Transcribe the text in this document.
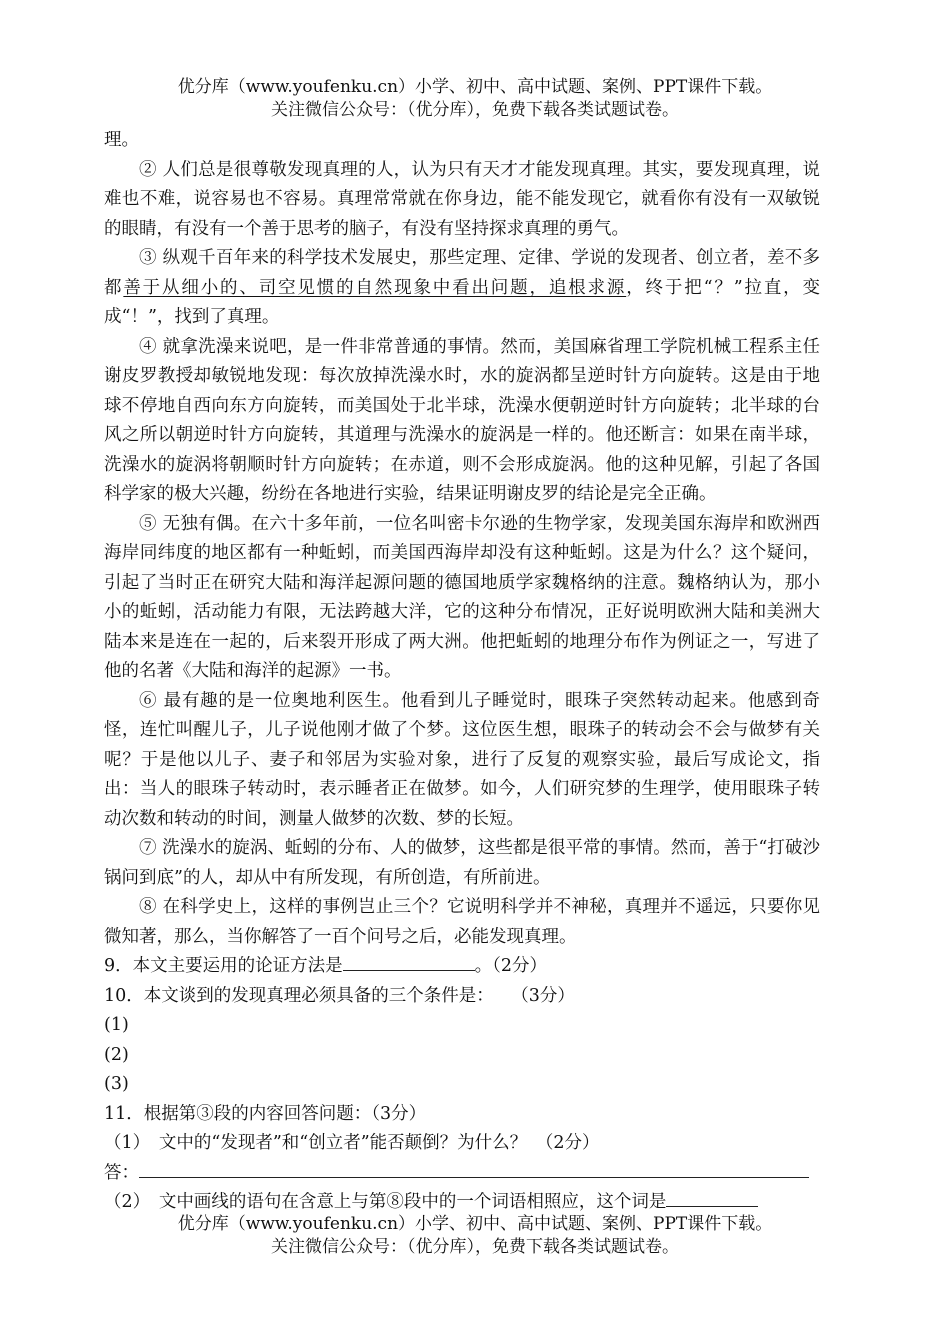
优分库（www.youfenku.cn）小学、初中、高中试题、案例、PPT课件下载。
关注微信公众号：（优分库），免费下载各类试题试卷。

理。

② 人们总是很尊敬发现真理的人，认为只有天才才能发现真理。其实，要发现真理，说难也不难，说容易也不容易。真理常常就在你身边，能不能发现它，就看你有没有一双敏锐的眼睛，有没有一个善于思考的脑子，有没有坚持探求真理的勇气。

③ 纵观千百年来的科学技术发展史，那些定理、定律、学说的发现者、创立者，差不多都善于从细小的、司空见惯的自然现象中看出问题，追根求源，终于把“？”拉直，变成“！”，找到了真理。

④ 就拿洗澡来说吧，是一件非常普通的事情。然而，美国麻省理工学院机械工程系主任谢皮罗教授却敏锐地发现：每次放掉洗澡水时，水的旋涡都呈逆时针方向旋转。这是由于地球不停地自西向东方向旋转，而美国处于北半球，洗澡水便朝逆时针方向旋转；北半球的台风之所以朝逆时针方向旋转，其道理与洗澡水的旋涡是一样的。他还断言：如果在南半球，洗澡水的旋涡将朝顺时针方向旋转；在赤道，则不会形成旋涡。他的这种见解，引起了各国科学家的极大兴趣，纷纷在各地进行实验，结果证明谢皮罗的结论是完全正确。

⑤ 无独有偶。在六十多年前，一位名叫密卡尔逊的生物学家，发现美国东海岸和欧洲西海岸同纬度的地区都有一种蚯蚓，而美国西海岸却没有这种蚯蚓。这是为什么？这个疑问，引起了当时正在研究大陆和海洋起源问题的德国地质学家魏格纳的注意。魏格纳认为，那小小的蚯蚓，活动能力有限，无法跨越大洋，它的这种分布情况，正好说明欧洲大陆和美洲大陆本来是连在一起的，后来裂开形成了两大洲。他把蚯蚓的地理分布作为例证之一，写进了他的名著《大陆和海洋的起源》一书。

⑥ 最有趣的是一位奥地利医生。他看到儿子睡觉时，眼珠子突然转动起来。他感到奇怪，连忙叫醒儿子，儿子说他刚才做了个梦。这位医生想，眼珠子的转动会不会与做梦有关呢？于是他以儿子、妻子和邻居为实验对象，进行了反复的观察实验，最后写成论文，指出：当人的眼珠子转动时，表示睡者正在做梦。如今，人们研究梦的生理学，使用眼珠子转动次数和转动的时间，测量人做梦的次数、梦的长短。

⑦ 洗澡水的旋涡、蚯蚓的分布、人的做梦，这些都是很平常的事情。然而，善于“打破沙锅问到底”的人，却从中有所发现，有所创造，有所前进。

⑧ 在科学史上，这样的事例岂止三个？它说明科学并不神秘，真理并不遥远，只要你见微知著，那么，当你解答了一百个问号之后，必能发现真理。

9．本文主要运用的论证方法是	。（2分）

10．本文谈到的发现真理必须具备的三个条件是：　　（3分）

(1)

(2)

(3)

11．根据第③段的内容回答问题：（3分）

（1）　文中的“发现者”和“创立者”能否颠倒？为什么？　（2分）

答：

（2）　文中画线的语句在含意上与第⑧段中的一个词语相照应，这个词是

优分库（www.youfenku.cn）小学、初中、高中试题、案例、PPT课件下载。
关注微信公众号：（优分库），免费下载各类试题试卷。
